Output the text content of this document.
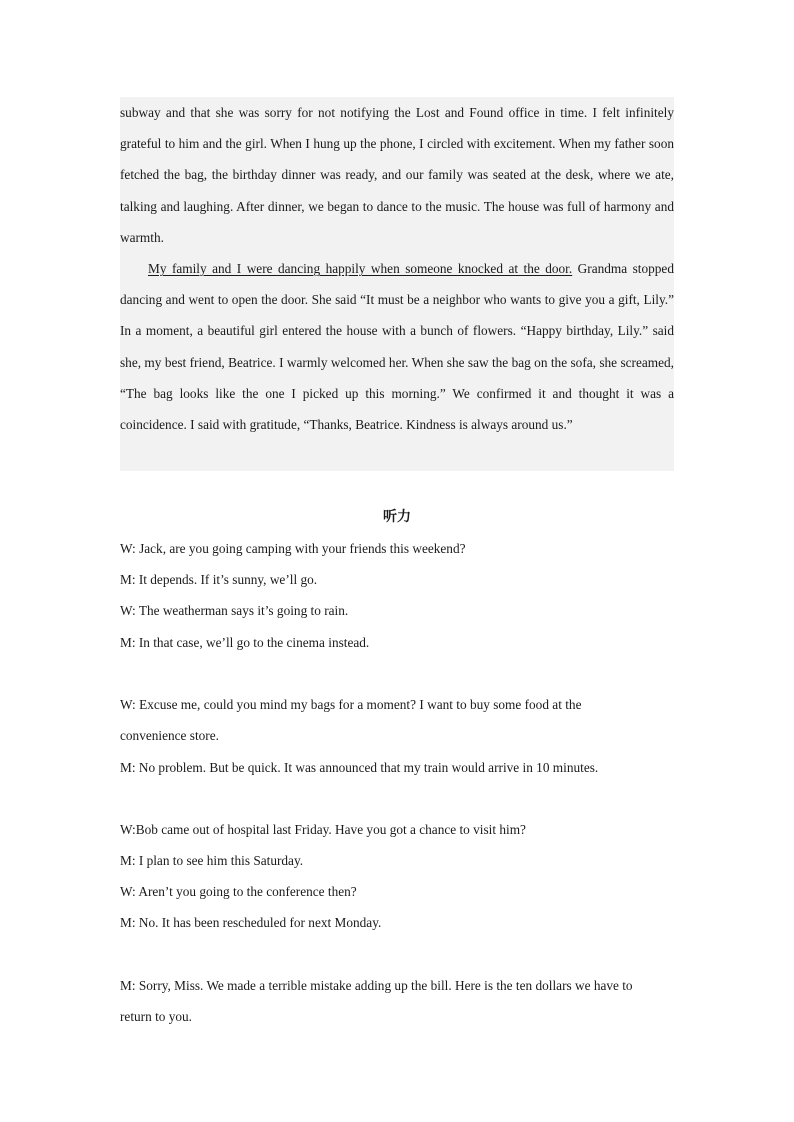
subway and that she was sorry for not notifying the Lost and Found office in time. I felt infinitely grateful to him and the girl. When I hung up the phone, I circled with excitement. When my father soon fetched the bag, the birthday dinner was ready, and our family was seated at the desk, where we ate, talking and laughing. After dinner, we began to dance to the music. The house was full of harmony and warmth.

My family and I were dancing happily when someone knocked at the door. Grandma stopped dancing and went to open the door. She said “It must be a neighbor who wants to give you a gift, Lily.” In a moment, a beautiful girl entered the house with a bunch of flowers. “Happy birthday, Lily.” said she, my best friend, Beatrice. I warmly welcomed her. When she saw the bag on the sofa, she screamed, “The bag looks like the one I picked up this morning.” We confirmed it and thought it was a coincidence. I said with gratitude, “Thanks, Beatrice. Kindness is always around us.”

听力

W: Jack, are you going camping with your friends this weekend?

M: It depends. If it’s sunny, we’ll go.

W: The weatherman says it’s going to rain.

M: In that case, we’ll go to the cinema instead.

W: Excuse me, could you mind my bags for a moment? I want to buy some food at the

convenience store.

M: No problem. But be quick. It was announced that my train would arrive in 10 minutes.

W:Bob came out of hospital last Friday. Have you got a chance to visit him?

M: I plan to see him this Saturday.

W: Aren’t you going to the conference then?

M: No. It has been rescheduled for next Monday.

M: Sorry, Miss. We made a terrible mistake adding up the bill. Here is the ten dollars we have to

return to you.
